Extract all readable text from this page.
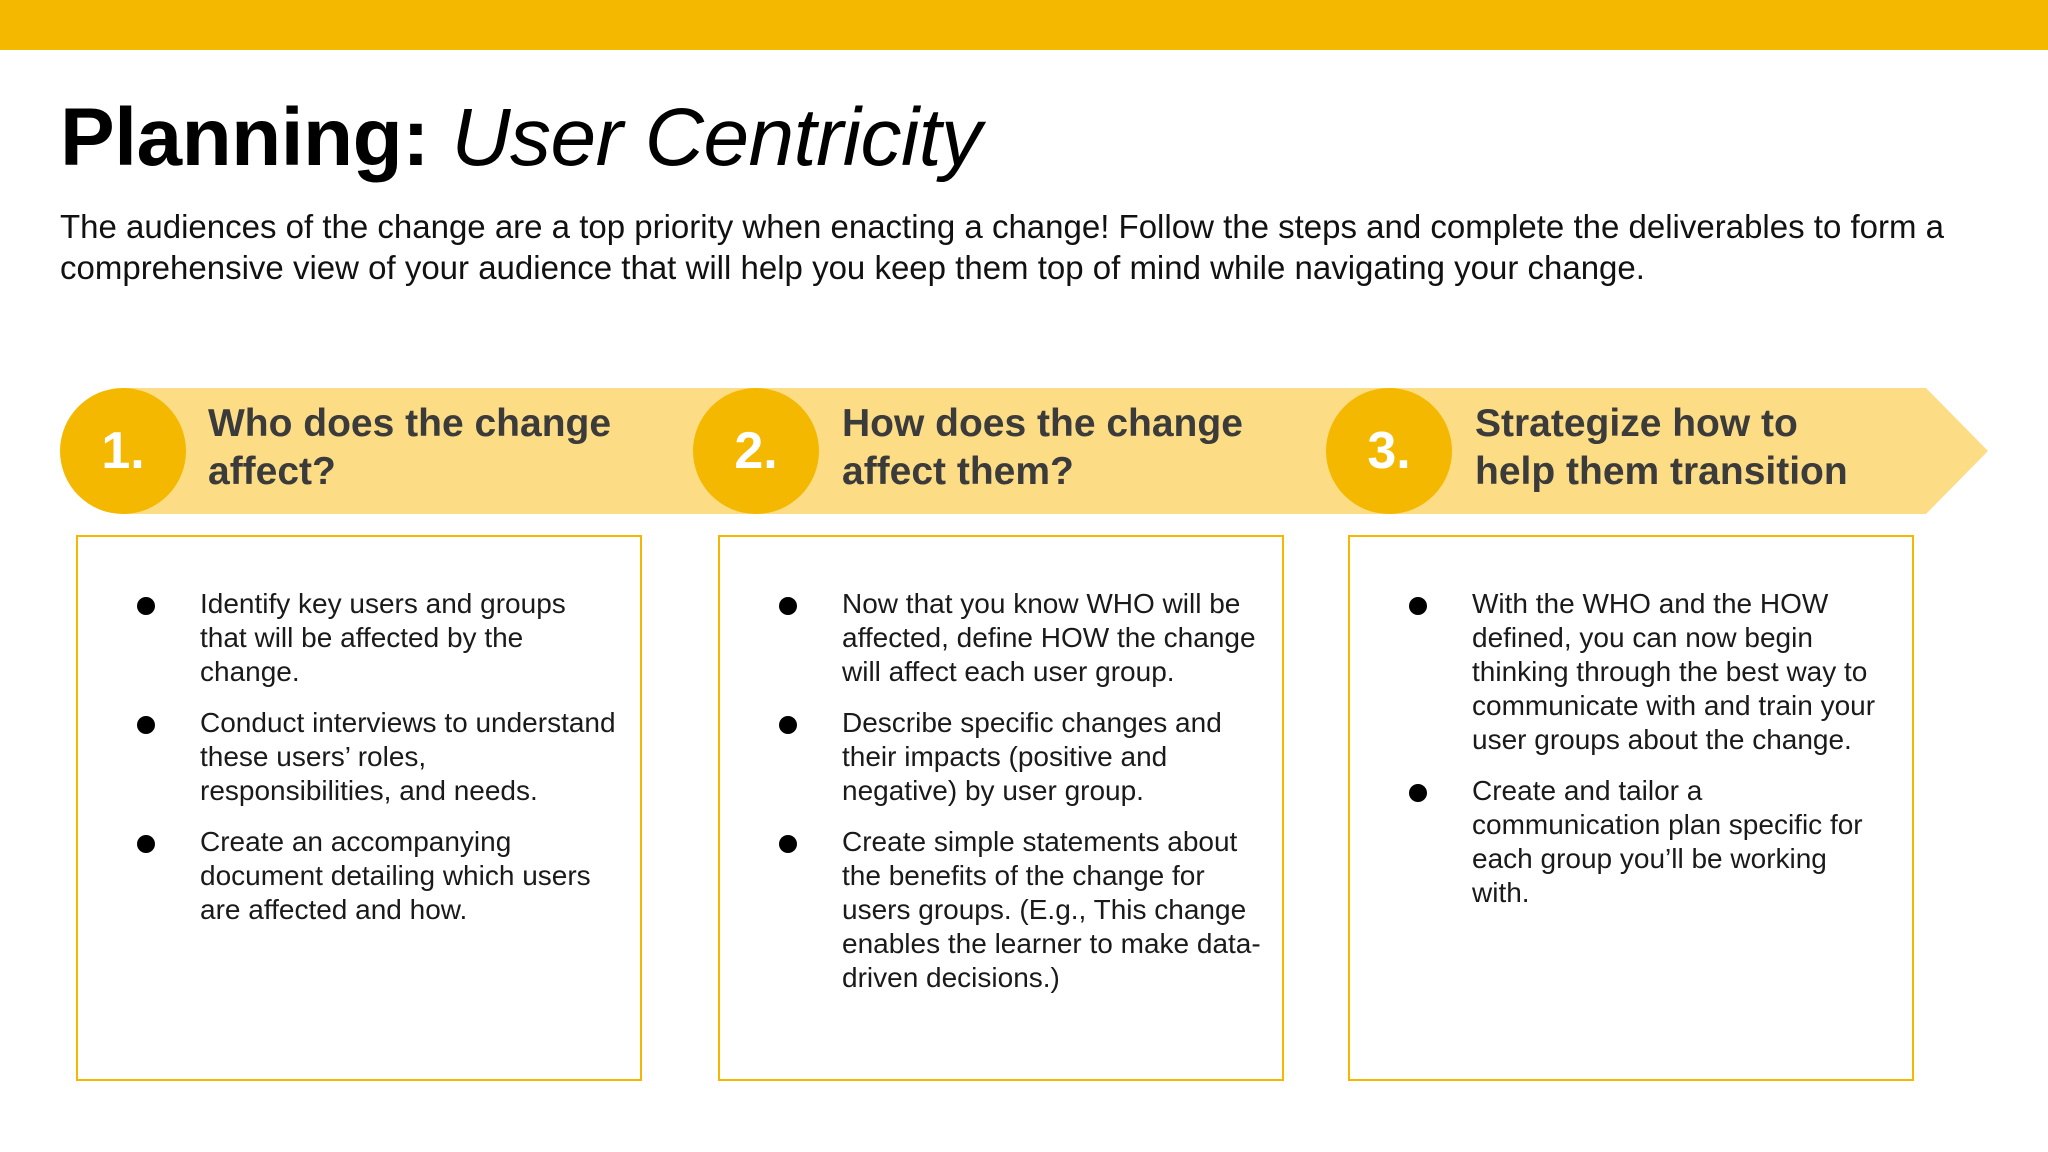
Planning: User Centricity

The audiences of the change are a top priority when enacting a change! Follow the steps and complete the deliverables to form a comprehensive view of your audience that will help you keep them top of mind while navigating your change.

1.	Who does the change
affect?	2.	How does the change
affect them?	3.	Strategize how to
help them transition
Identify key users and groups that will be affected by the change.
Conduct interviews to understand these users’ roles, responsibilities, and needs.
Create an accompanying document detailing which users are affected and how.
Now that you know WHO will be affected, define HOW the change will affect each user group.
Describe specific changes and their impacts (positive and negative) by user group.
Create simple statements about the benefits of the change for users groups. (E.g., This change enables the learner to make data-driven decisions.)
With the WHO and the HOW defined, you can now begin thinking through the best way to communicate with and train your user groups about the change.
Create and tailor a communication plan specific for each group you’ll be working with.
